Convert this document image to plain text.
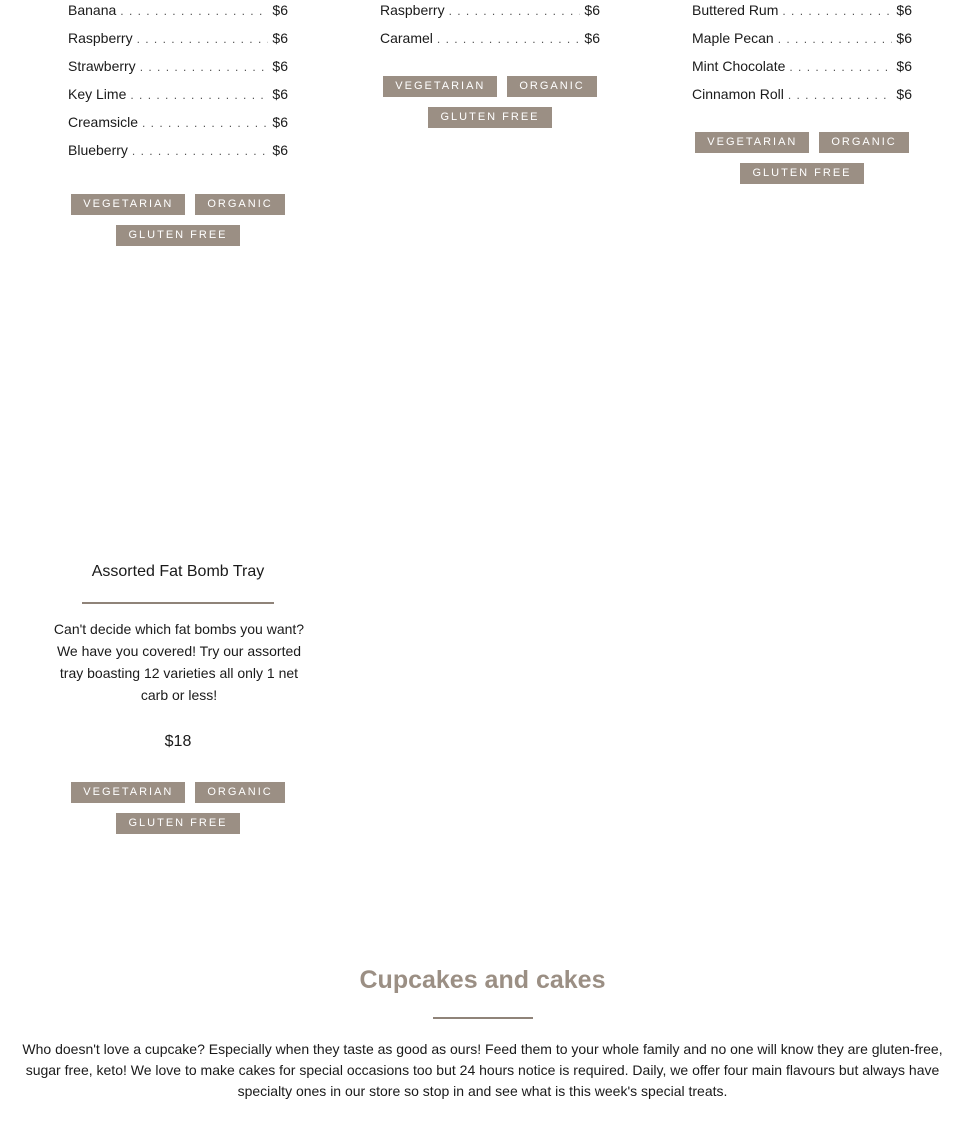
Banana . . .	$6
Raspberry . . .	$6
Strawberry . . .	$6
Key Lime . . .	$6
Creamsicle . . .	$6
Blueberry . . .	$6
VEGETARIAN	ORGANIC
GLUTEN FREE
Raspberry . . .	$6
Caramel . . .	$6
VEGETARIAN	ORGANIC
GLUTEN FREE
Buttered Rum . . .	$6
Maple Pecan . . .	$6
Mint Chocolate . . .	$6
Cinnamon Roll . . .	$6
VEGETARIAN	ORGANIC
GLUTEN FREE
Assorted Fat Bomb Tray

Can't decide which fat bombs you want? We have you covered! Try our assorted tray boasting 12 varieties all only 1 net carb or less!

$18
VEGETARIAN	ORGANIC
GLUTEN FREE
Cupcakes and cakes

Who doesn't love a cupcake? Especially when they taste as good as ours! Feed them to your whole family and no one will know they are gluten-free, sugar free, keto! We love to make cakes for special occasions too but 24 hours notice is required. Daily, we offer four main flavours but always have specialty ones in our store so stop in and see what is this week's special treats.
